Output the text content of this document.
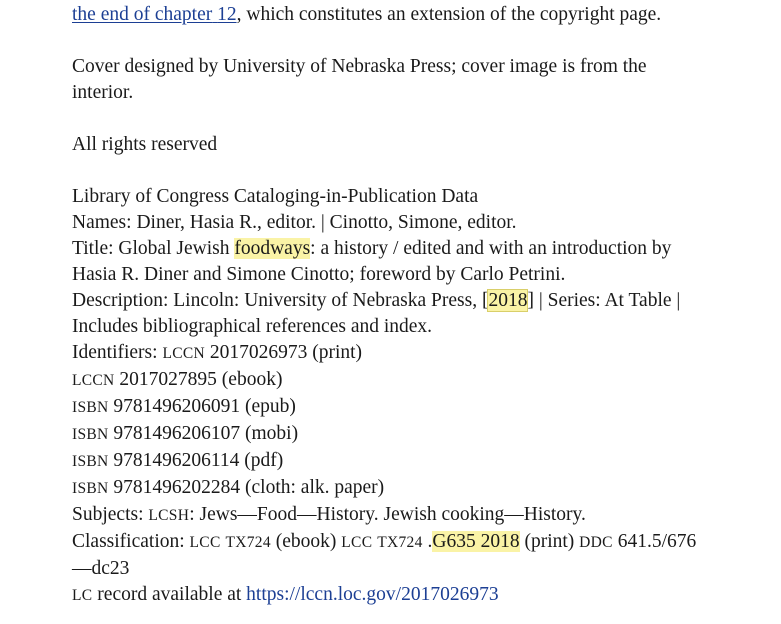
the end of chapter 12, which constitutes an extension of the copyright page.

Cover designed by University of Nebraska Press; cover image is from the interior.

All rights reserved

Library of Congress Cataloging-in-Publication Data
Names: Diner, Hasia R., editor. | Cinotto, Simone, editor.
Title: Global Jewish foodways: a history / edited and with an introduction by Hasia R. Diner and Simone Cinotto; foreword by Carlo Petrini.
Description: Lincoln: University of Nebraska Press, [2018] | Series: At Table | Includes bibliographical references and index.
Identifiers: LCCN 2017026973 (print)
LCCN 2017027895 (ebook)
ISBN 9781496206091 (epub)
ISBN 9781496206107 (mobi)
ISBN 9781496206114 (pdf)
ISBN 9781496202284 (cloth: alk. paper)
Subjects: LCSH: Jews—Food—History. Jewish cooking—History.
Classification: LCC TX724 (ebook) LCC TX724 .G635 2018 (print) DDC 641.5/676—dc23
LC record available at https://lccn.loc.gov/2017026973
